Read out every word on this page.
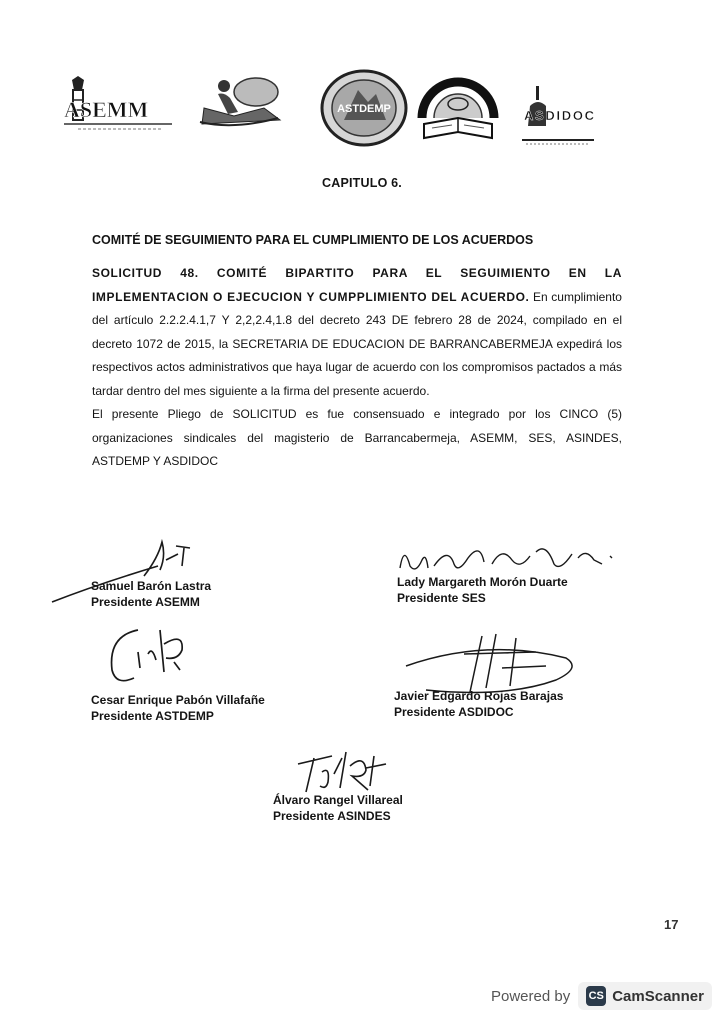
ASEMM	ASTDEMP	ASDIDOC
CAPITULO 6.
COMITÉ DE SEGUIMIENTO PARA EL CUMPLIMIENTO DE LOS ACUERDOS
SOLICITUD 48. COMITÉ BIPARTITO PARA EL SEGUIMIENTO EN LA IMPLEMENTACION O EJECUCION Y CUMPPLIMIENTO DEL ACUERDO. En cumplimiento del artículo 2.2.2.4.1,7 Y 2,2,2.4,1.8 del decreto 243 DE febrero 28 de 2024, compilado en el decreto 1072 de 2015, la SECRETARIA DE EDUCACION DE BARRANCABERMEJA expedirá los respectivos actos administrativos que haya lugar de acuerdo con los compromisos pactados a más tardar dentro del mes siguiente a la firma del presente acuerdo.
El presente Pliego de SOLICITUD es fue consensuado e integrado por los CINCO (5) organizaciones sindicales del magisterio de Barrancabermeja, ASEMM, SES, ASINDES, ASTDEMP Y ASDIDOC
Samuel Barón Lastra
Presidente ASEMM
Lady Margareth Morón Duarte
Presidente SES
Cesar Enrique Pabón Villafañe
Presidente ASTDEMP
Javier Edgardo Rojas Barajas
Presidente ASDIDOC
Álvaro Rangel Villareal
Presidente ASINDES
17
Powered by CS CamScanner
